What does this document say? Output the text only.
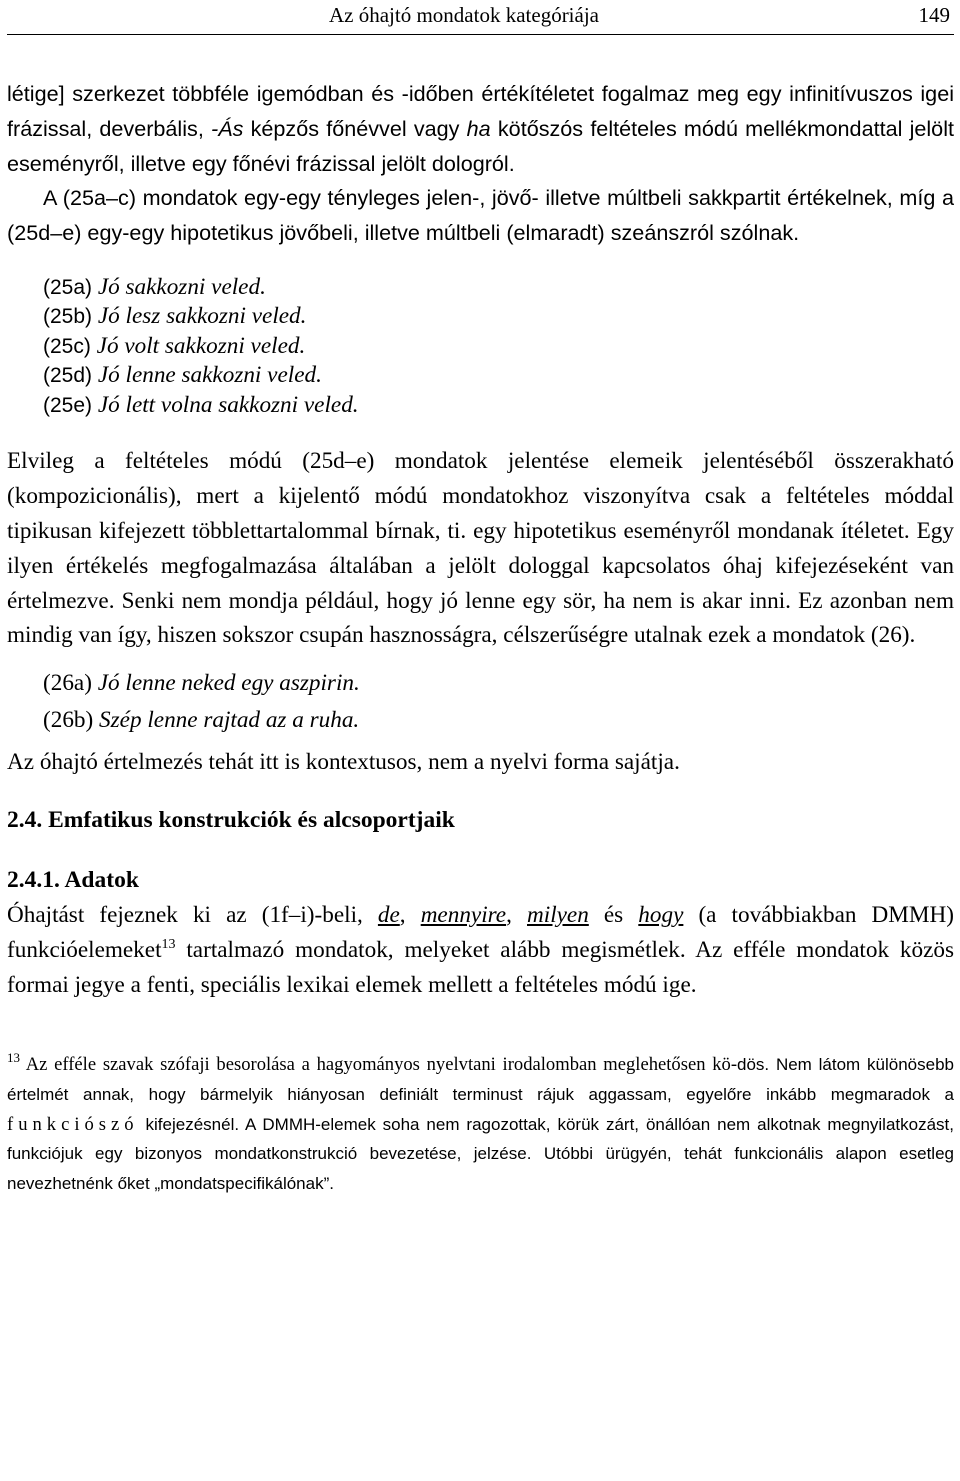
Az óhajtó mondatok kategóriája	149

létige] szerkezet többféle igemódban és -időben értékítéletet fogalmaz meg egy infinitívuszos igei frázissal, deverbális, -Ás képzős főnévvel vagy ha kötőszós feltételes módú mellékmondattal jelölt eseményről, illetve egy főnévi frázissal jelölt dologról.

A (25a–c) mondatok egy-egy tényleges jelen-, jövő- illetve múltbeli sakkpartit értékelnek, míg a (25d–e) egy-egy hipotetikus jövőbeli, illetve múltbeli (elmaradt) szeánszról szólnak.

(25a) Jó sakkozni veled.
(25b) Jó lesz sakkozni veled.
(25c) Jó volt sakkozni veled.
(25d) Jó lenne sakkozni veled.
(25e) Jó lett volna sakkozni veled.

Elvileg a feltételes módú (25d–e) mondatok jelentése elemeik jelentéséből összerakható (kompozicionális), mert a kijelentő módú mondatokhoz viszonyítva csak a feltételes móddal tipikusan kifejezett többlettartalommal bírnak, ti. egy hipotetikus eseményről mondanak ítéletet. Egy ilyen értékelés megfogalmazása általában a jelölt dologgal kapcsolatos óhaj kifejezéseként van értelmezve. Senki nem mondja például, hogy jó lenne egy sör, ha nem is akar inni. Ez azonban nem mindig van így, hiszen sokszor csupán hasznosságra, célszerűségre utalnak ezek a mondatok (26).

(26a) Jó lenne neked egy aszpirin.
(26b) Szép lenne rajtad az a ruha.

Az óhajtó értelmezés tehát itt is kontextusos, nem a nyelvi forma sajátja.

2.4. Emfatikus konstrukciók és alcsoportjaik
2.4.1. Adatok

Óhajtást fejeznek ki az (1f–i)-beli, de, mennyire, milyen és hogy (a továbbiakban DMMH) funkcióelemeket$^{13}$ tartalmazó mondatok, melyeket alább megismétlek. Az efféle mondatok közös formai jegye a fenti, speciális lexikai elemek mellett a feltételes módú ige.

$^{13}$ Az efféle szavak szófaji besorolása a hagyományos nyelvtani irodalomban meglehetősen kö-dös. Nem látom különösebb értelmét annak, hogy bármelyik hiányosan definiált terminust rájuk aggassam, egyelőre inkább megmaradok a funkciószó kifejezésnél. A DMMH-elemek soha nem ragozottak, körük zárt, önállóan nem alkotnak megnyilatkozást, funkciójuk egy bizonyos mondatkonstrukció bevezetése, jelzése. Utóbbi ürügyén, tehát funkcionális alapon esetleg nevezhetnénk őket „mondatspecifikálónak”.
